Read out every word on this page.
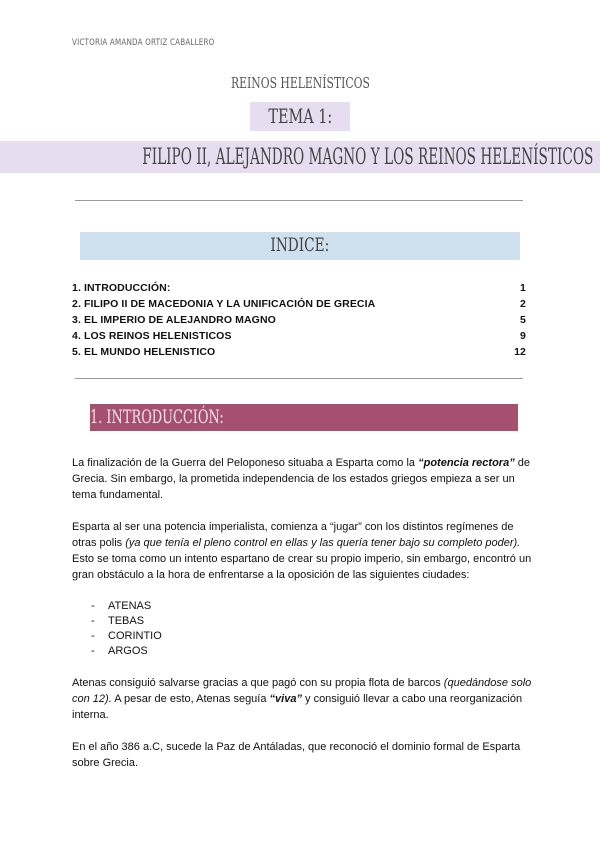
VICTORIA AMANDA ORTIZ CABALLERO
REINOS HELENÍSTICOS
TEMA 1:
FILIPO II, ALEJANDRO MAGNO Y LOS REINOS HELENÍSTICOS
INDICE:
1. INTRODUCCIÓN:	1
2. FILIPO II DE MACEDONIA Y LA UNIFICACIÓN DE GRECIA	2
3. EL IMPERIO DE ALEJANDRO MAGNO	5
4. LOS REINOS HELENISTICOS	9
5. EL MUNDO HELENISTICO	12
1. INTRODUCCIÓN:

La finalización de la Guerra del Peloponeso situaba a Esparta como la “potencia rectora” de Grecia. Sin embargo, la prometida independencia de los estados griegos empieza a ser un tema fundamental.

Esparta al ser una potencia imperialista, comienza a “jugar” con los distintos regímenes de otras polis (ya que tenía el pleno control en ellas y las quería tener bajo su completo poder). Esto se toma como un intento espartano de crear su propio imperio, sin embargo, encontró un gran obstáculo a la hora de enfrentarse a la oposición de las siguientes ciudades:

- ATENAS
- TEBAS
- CORINTIO
- ARGOS

Atenas consiguió salvarse gracias a que pagó con su propia flota de barcos (quedándose solo con 12). A pesar de esto, Atenas seguía “viva” y consiguió llevar a cabo una reorganización interna.

En el año 386 a.C, sucede la Paz de Antáladas, que reconoció el dominio formal de Esparta sobre Grecia.
